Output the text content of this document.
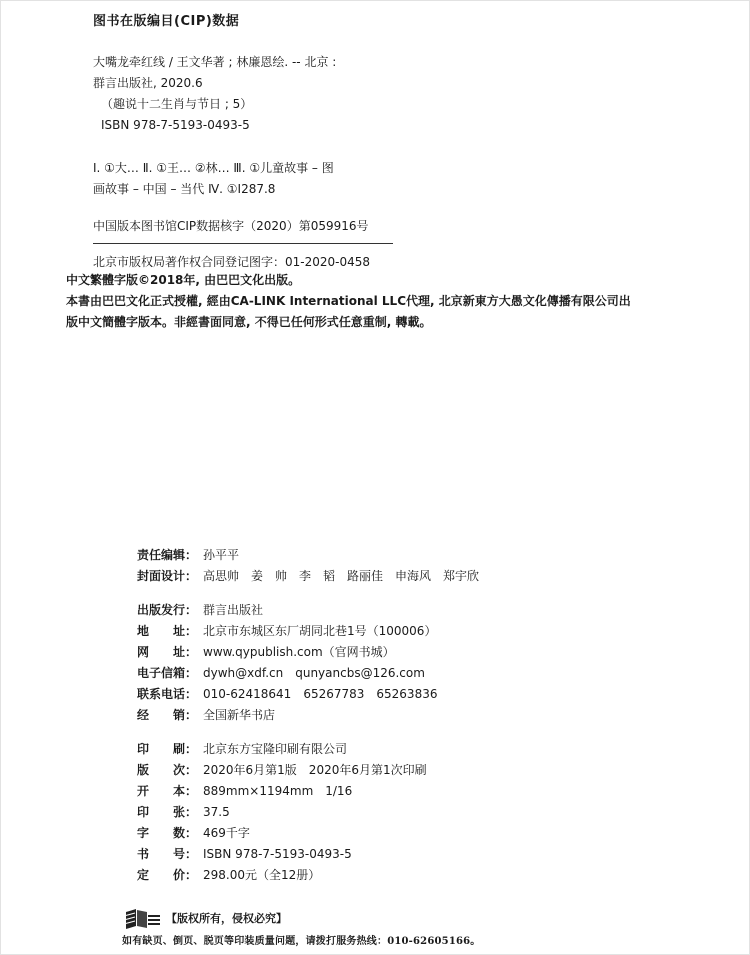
图书在版编目(CIP)数据
大嘴龙牵红线 / 王文华著 ; 林廉恩绘. -- 北京 :
群言出版社, 2020.6
（趣说十二生肖与节日 ; 5）
ISBN 978-7-5193-0493-5
Ⅰ. ①大… Ⅱ. ①王… ②林… Ⅲ. ①儿童故事 – 图
画故事 – 中国 – 当代 Ⅳ. ①I287.8
中国版本图书馆CIP数据核字（2020）第059916号
北京市版权局著作权合同登记图字：01-2020-0458
中文繁體字版©2018年, 由巴巴文化出版。
本書由巴巴文化正式授權, 經由CA-LINK International LLC代理, 北京新東方大愚文化傳播有限公司出
版中文簡體字版本。非經書面同意, 不得已任何形式任意重制, 轉載。
责任编辑： 孙平平
封面设计： 高思帅　姜　帅　李　韬　路丽佳　申海风　郑宇欣
出版发行： 群言出版社
地　　址： 北京市东城区东厂胡同北巷1号（100006）
网　　址： www.qypublish.com（官网书城）
电子信箱： dywh@xdf.cn　qunyancbs@126.com
联系电话： 010-62418641　65267783　65263836
经　　销： 全国新华书店
印　　刷： 北京东方宝隆印刷有限公司
版　　次： 2020年6月第1版　2020年6月第1次印刷
开　　本： 889mm×1194mm　1/16
印　　张： 37.5
字　　数： 469千字
书　　号： ISBN 978-7-5193-0493-5
定　　价： 298.00元（全12册）
【版权所有，侵权必究】
如有缺页、倒页、脱页等印装质量问题，请拨打服务热线：010-62605166。
